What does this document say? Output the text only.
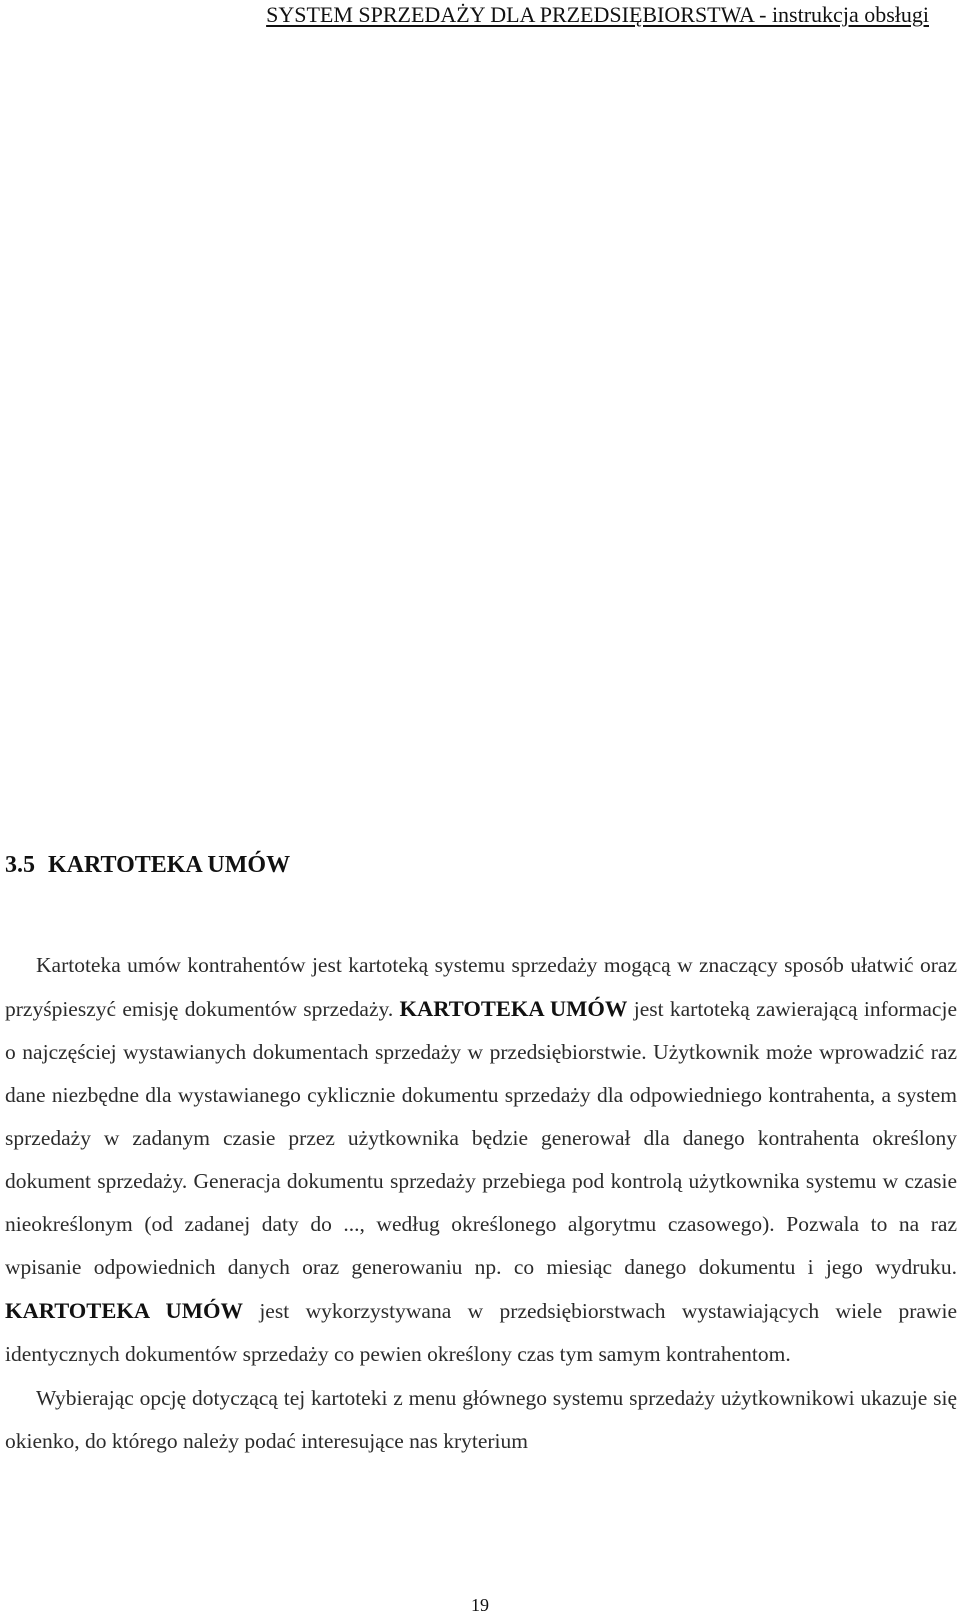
SYSTEM SPRZEDAŻY DLA PRZEDSIĘBIORSTWA - instrukcja obsługi
3.5 KARTOTEKA UMÓW

Kartoteka umów kontrahentów jest kartoteką systemu sprzedaży mogącą w znaczący sposób ułatwić oraz przyśpieszyć emisję dokumentów sprzedaży. KARTOTEKA UMÓW jest kartoteką zawierającą informacje o najczęściej wystawianych dokumentach sprzedaży w przedsiębiorstwie. Użytkownik może wprowadzić raz dane niezbędne dla wystawianego cyklicznie dokumentu sprzedaży dla odpowiedniego kontrahenta, a system sprzedaży w zadanym czasie przez użytkownika będzie generował dla danego kontrahenta określony dokument sprzedaży. Generacja dokumentu sprzedaży przebiega pod kontrolą użytkownika systemu w czasie nieokreślonym (od zadanej daty do ..., według określonego algorytmu czasowego). Pozwala to na raz wpisanie odpowiednich danych oraz generowaniu np. co miesiąc danego dokumentu i jego wydruku. KARTOTEKA UMÓW jest wykorzystywana w przedsiębiorstwach wystawiających wiele prawie identycznych dokumentów sprzedaży co pewien określony czas tym samym kontrahentom.

Wybierając opcję dotyczącą tej kartoteki z menu głównego systemu sprzedaży użytkownikowi ukazuje się okienko, do którego należy podać interesujące nas kryterium

19
